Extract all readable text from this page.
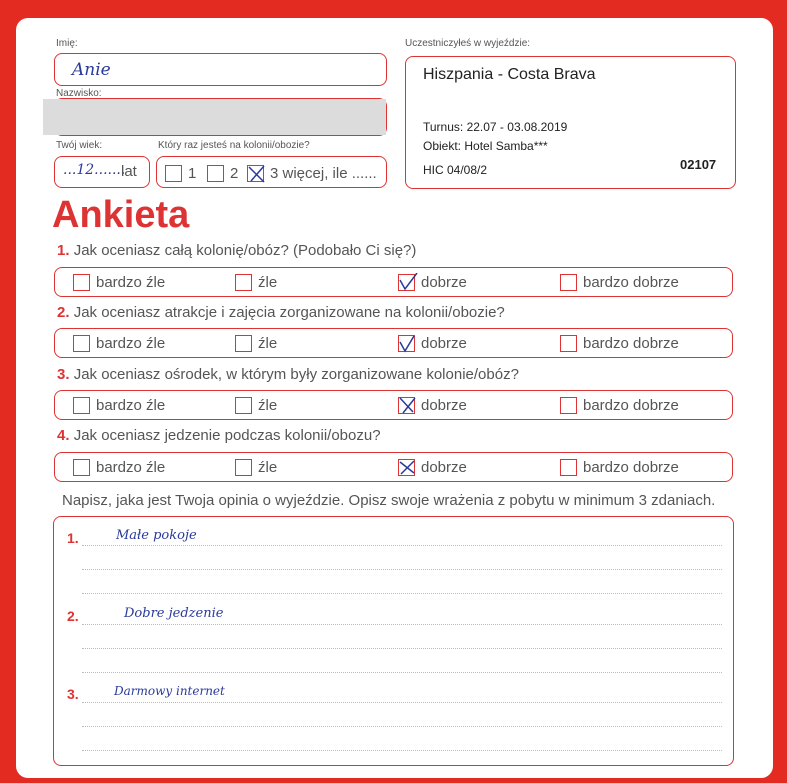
Imię:
Anie
Nazwisko:
Twój wiek:
...12.......
lat
Który raz jesteś na kolonii/obozie?
1 2 3 więcej, ile ......
Uczestniczyłeś w wyjeździe:
Hiszpania - Costa Brava
Turnus: 22.07 - 03.08.2019
Obiekt: Hotel Samba***
HIC 04/08/2	02107
Ankieta
1. Jak oceniasz całą kolonię/obóz? (Podobało Ci się?)
bardzo źle	źle	dobrze	bardzo dobrze
2. Jak oceniasz atrakcje i zajęcia zorganizowane na kolonii/obozie?
bardzo źle	źle	dobrze	bardzo dobrze
3. Jak oceniasz ośrodek, w którym były zorganizowane kolonie/obóz?
bardzo źle	źle	dobrze	bardzo dobrze
4. Jak oceniasz jedzenie podczas kolonii/obozu?
bardzo źle	źle	dobrze	bardzo dobrze
Napisz, jaka jest Twoja opinia o wyjeździe. Opisz swoje wrażenia z pobytu w minimum 3 zdaniach.
1.	Małe pokoje
2.	Dobre jedzenie
3.	Darmowy internet
